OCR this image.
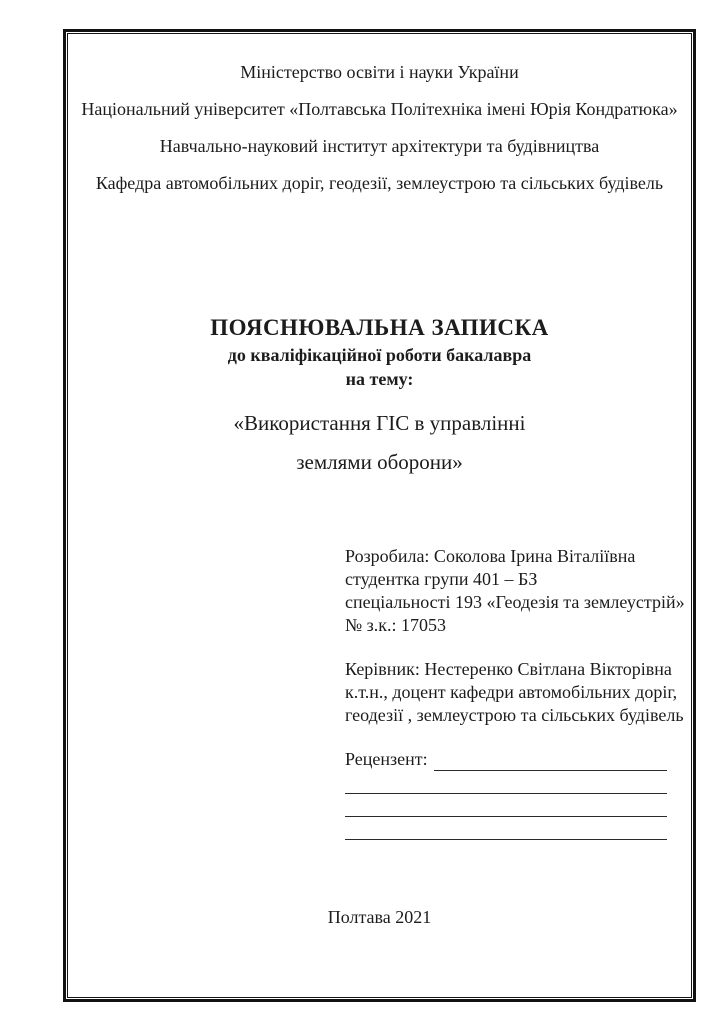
Міністерство освіти і науки України
Національний університет «Полтавська Політехніка імені Юрія Кондратюка»
Навчально-науковий інститут архітектури та будівництва
Кафедра автомобільних доріг, геодезії, землеустрою та сільських будівель
ПОЯСНЮВАЛЬНА ЗАПИСКА
до кваліфікаційної роботи бакалавра
на тему:
«Використання ГІС в управлінні
землями оборони»
Розробила: Соколова Ірина Віталіївна
студентка групи 401 – БЗ
спеціальності 193 «Геодезія та землеустрій»
№ з.к.: 17053
Керівник: Нестеренко Світлана Вікторівна
к.т.н., доцент кафедри автомобільних доріг,
геодезії , землеустрою та сільських будівель
Рецензент:
Полтава 2021
